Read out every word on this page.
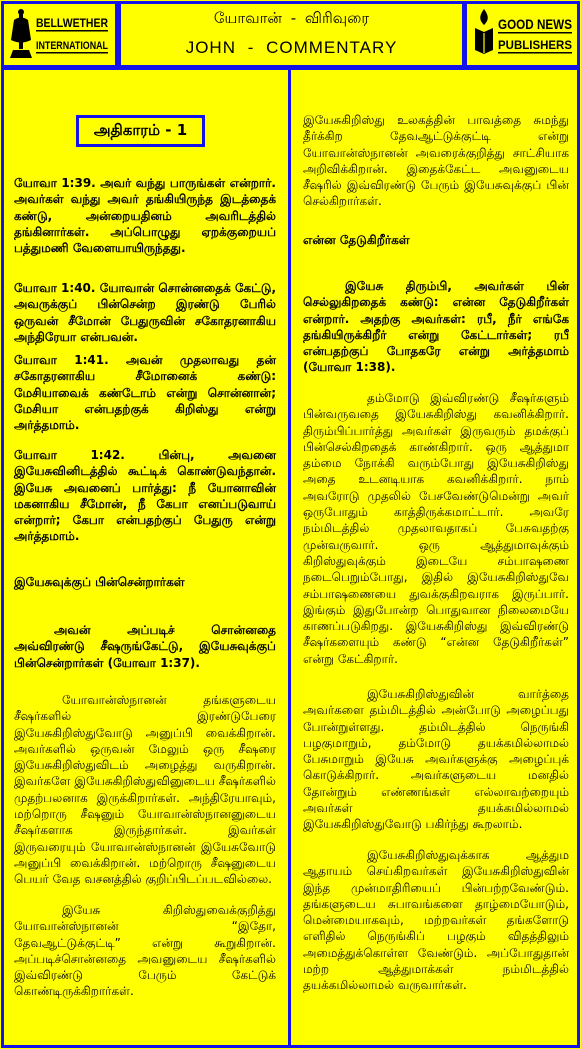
BELLWETHER
INTERNATIONAL
யோவான் - விரிவுரை
JOHN - COMMENTARY
GOOD NEWS
PUBLISHERS
அதிகாரம் - 1

யோவா 1:39. அவர் வந்து பாருங்கள் என்றார். அவர்கள் வந்து அவர் தங்கியிருந்த இடத்தைக் கண்டு, அன்றையதினம் அவரிடத்தில் தங்கினார்கள். அப்பொழுது ஏறக்குறையப் பத்துமணி வேளையாயிருந்தது.

யோவா 1:40. யோவான் சொன்னதைக் கேட்டு, அவருக்குப் பின்சென்ற இரண்டு பேரில் ஒருவன் சீமோன் பேதுருவின் சகோதரனாகிய அந்திரேயா என்பவன்.

யோவா 1:41. அவன் முதலாவது தன் சகோதரனாகிய சீமோனைக் கண்டு: மேசியாவைக் கண்டோம் என்று சொன்னான்; மேசியா என்பதற்குக் கிறிஸ்து என்று அர்த்தமாம்.

யோவா 1:42. பின்பு, அவனை இயேசுவினிடத்தில் கூட்டிக் கொண்டுவந்தான். இயேசு அவனைப் பார்த்து: நீ யோனாவின் மகனாகிய சீமோன், நீ கேபா எனப்படுவாய் என்றார்; கேபா என்பதற்குப் பேதுரு என்று அர்த்தமாம்.

இயேசுவுக்குப் பின்சென்றார்கள்

அவன் அப்படிச் சொன்னதை அவ்விரண்டு சீஷருங்கேட்டு, இயேசுவுக்குப் பின்சென்றார்கள் (யோவா 1:37).

யோவான்ஸ்நானன் தங்களுடைய சீஷர்களில் இரண்டுபேரை இயேசுகிறிஸ்துவோடு அனுப்பி வைக்கிறான். அவர்களில் ஒருவன் மேலும் ஒரு சீஷரை இயேசுகிறிஸ்துவிடம் அழைத்து வருகிறான். இவர்களே இயேசுகிறிஸ்துவினுடைய சீஷர்களில் முதற்பலனாக இருக்கிறார்கள். அந்திரேயாவும், மற்றொரு சீஷனும் யோவான்ஸ்நானனுடைய சீஷர்களாக இருந்தார்கள். இவர்கள் இருவரையும் யோவான்ஸ்நானன் இயேசுவோடு அனுப்பி வைக்கிறான். மற்றொரு சீஷனுடைய பெயர் வேத வசனத்தில் குறிப்பிடப்படவில்லை.

இயேசு கிறிஸ்துவைக்குறித்து யோவான்ஸ்நானன் “இதோ, தேவஆட்டுக்குட்டி” என்று கூறுகிறான். அப்படிச்சொன்னதை அவனுடைய சீஷர்களில் இவ்விரண்டு பேரும் கேட்டுக் கொண்டிருக்கிறார்கள்.

இயேசுகிறிஸ்து உலகத்தின் பாவத்தை சுமந்து தீர்க்கிற தேவஆட்டுக்குட்டி என்று யோவான்ஸ்நானன் அவரைக்குறித்து சாட்சியாக அறிவிக்கிறான். இதைக்கேட்ட அவனுடைய சீஷரில் இவ்விரண்டு பேரும் இயேசுவுக்குப் பின் செல்கிறார்கள்.

என்ன தேடுகிறீர்கள்

இயேசு திரும்பி, அவர்கள் பின் செல்லுகிறதைக் கண்டு: என்ன தேடுகிறீர்கள் என்றார். அதற்கு அவர்கள்: ரபீ, நீர் எங்கே தங்கியிருக்கிறீர் என்று கேட்டார்கள்; ரபீ என்பதற்குப் போதகரே என்று அர்த்தமாம் (யோவா 1:38).

தம்மோடு இவ்விரண்டு சீஷர்களும் பின்வருவதை இயேசுகிறிஸ்து கவனிக்கிறார். திரும்பிப்பார்த்து அவர்கள் இருவரும் தமக்குப் பின்செல்கிறதைக் காண்கிறார். ஒரு ஆத்துமா தம்மை நோக்கி வரும்போது இயேசுகிறிஸ்து அதை உடனடியாக கவனிக்கிறார். நாம் அவரோடு முதலில் பேசவேண்டுமென்று அவர் ஒருபோதும் காத்திருக்கமாட்டார். அவரே நம்மிடத்தில் முதலாவதாகப் பேசுவதற்கு முன்வருவார். ஒரு ஆத்துமாவுக்கும் கிறிஸ்துவுக்கும் இடையே சம்பாஷணை நடைபெறும்போது, இதில் இயேசுகிறிஸ்துவே சம்பாஷணையை துவக்குகிறவராக இருப்பார். இங்கும் இதுபோன்ற பொதுவான நிலைமையே காணப்படுகிறது. இயேசுகிறிஸ்து இவ்விரண்டு சீஷர்களையும் கண்டு “என்ன தேடுகிறீர்கள்” என்று கேட்கிறார்.

இயேசுகிறிஸ்துவின் வார்த்தை அவர்களை தம்மிடத்தில் அன்போடு அழைப்பது போன்றுள்ளது. தம்மிடத்தில் நெருங்கி பழகுமாறும், தம்மோடு தயக்கமில்லாமல் பேசுமாறும் இயேசு அவர்களுக்கு அழைப்புக் கொடுக்கிறார். அவர்களுடைய மனதில் தோன்றும் எண்ணங்கள் எல்லாவற்றையும் அவர்கள் தயக்கமில்லாமல் இயேசுகிறிஸ்துவோடு பகிர்ந்து கூறலாம்.

இயேசுகிறிஸ்துவுக்காக ஆத்தும ஆதாயம் செய்கிறவர்கள் இயேசுகிறிஸ்துவின் இந்த முன்மாதிரியைப் பின்பற்றவேண்டும். தங்களுடைய சுபாவங்களை தாழ்மையோடும், மென்மையாகவும், மற்றவர்கள் தங்களோடு எளிதில் நெருங்கிப் பழகும் விதத்திலும் அமைத்துக்கொள்ள வேண்டும். அப்போதுதான் மற்ற ஆத்துமாக்கள் நம்மிடத்தில் தயக்கமில்லாமல் வருவார்கள்.
